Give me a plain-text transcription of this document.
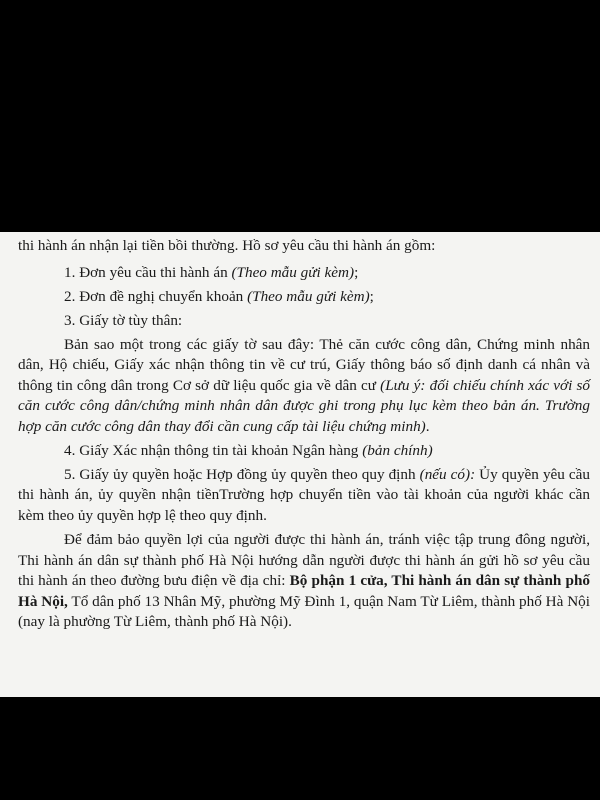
thi hành án nhận lại tiền bồi thường. Hồ sơ yêu cầu thi hành án gồm:

1. Đơn yêu cầu thi hành án (Theo mẫu gửi kèm);

2. Đơn đề nghị chuyển khoản (Theo mẫu gửi kèm);

3. Giấy tờ tùy thân:

Bản sao một trong các giấy tờ sau đây: Thẻ căn cước công dân, Chứng minh nhân dân, Hộ chiếu, Giấy xác nhận thông tin về cư trú, Giấy thông báo số định danh cá nhân và thông tin công dân trong Cơ sở dữ liệu quốc gia về dân cư (Lưu ý: đối chiếu chính xác với số căn cước công dân/chứng minh nhân dân được ghi trong phụ lục kèm theo bản án. Trường hợp căn cước công dân thay đổi cần cung cấp tài liệu chứng minh).

4. Giấy Xác nhận thông tin tài khoản Ngân hàng (bản chính)

5. Giấy ủy quyền hoặc Hợp đồng ủy quyền theo quy định (nếu có): Ủy quyền yêu cầu thi hành án, ủy quyền nhận tiềnTrường hợp chuyển tiền vào tài khoản của người khác cần kèm theo ủy quyền hợp lệ theo quy định.

Để đảm bảo quyền lợi của người được thi hành án, tránh việc tập trung đông người, Thi hành án dân sự thành phố Hà Nội hướng dẫn người được thi hành án gửi hồ sơ yêu cầu thi hành án theo đường bưu điện về địa chỉ: Bộ phận 1 cửa, Thi hành án dân sự thành phố Hà Nội, Tổ dân phố 13 Nhân Mỹ, phường Mỹ Đình 1, quận Nam Từ Liêm, thành phố Hà Nội (nay là phường Từ Liêm, thành phố Hà Nội).
